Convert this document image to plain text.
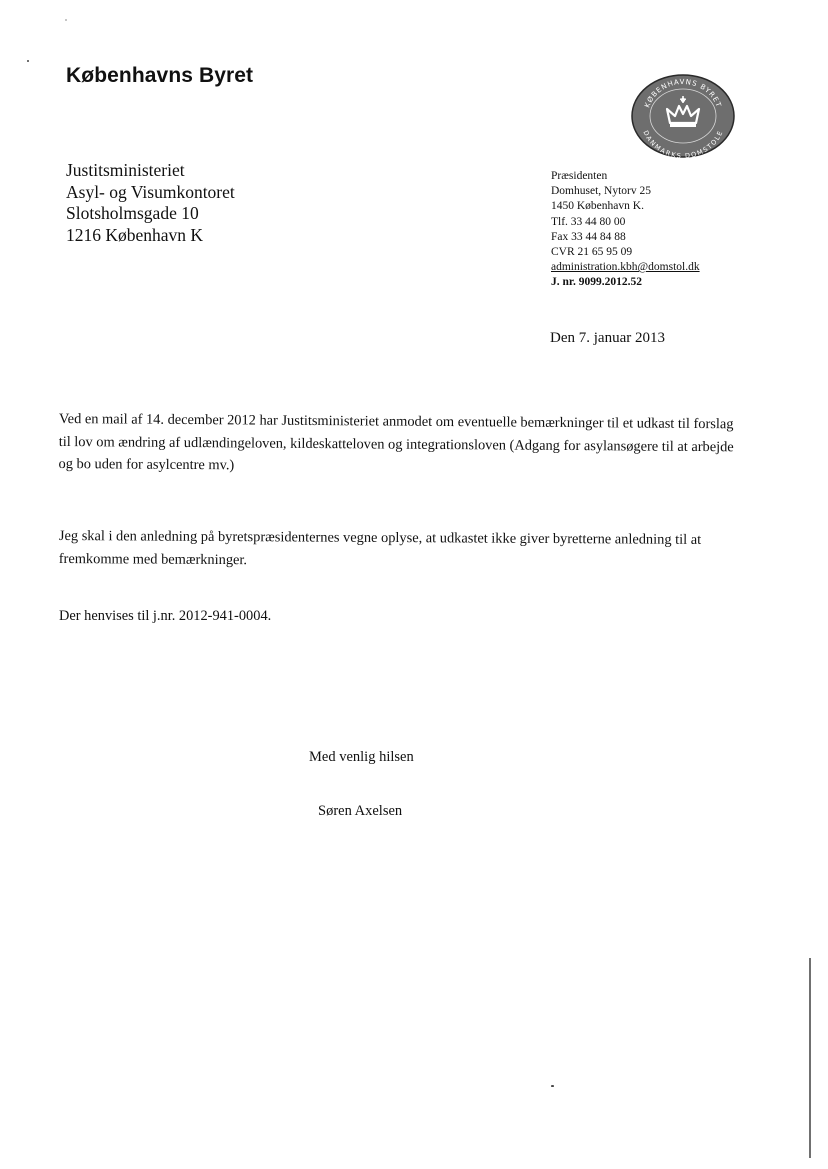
Københavns Byret
KØBENHAVNS BYRET
DANMARKS DOMSTOLE
Justitsministeriet
Asyl- og Visumkontoret
Slotsholmsgade 10
1216 København K
Præsidenten
Domhuset, Nytorv 25
1450 København K.
Tlf. 33 44 80 00
Fax 33 44 84 88
CVR 21 65 95 09
administration.kbh@domstol.dk
J. nr. 9099.2012.52
Den 7. januar 2013
Ved en mail af 14. december 2012 har Justitsministeriet anmodet om eventuelle bemærkninger til et udkast til forslag til lov om ændring af udlændingeloven, kildeskatteloven og integrationsloven (Adgang for asylansøgere til at arbejde og bo uden for asylcentre mv.)
Jeg skal i den anledning på byretspræsidenternes vegne oplyse, at udkastet ikke giver byretterne anledning til at fremkomme med bemærkninger.
Der henvises til j.nr. 2012-941-0004.
Med venlig hilsen
Søren Axelsen
